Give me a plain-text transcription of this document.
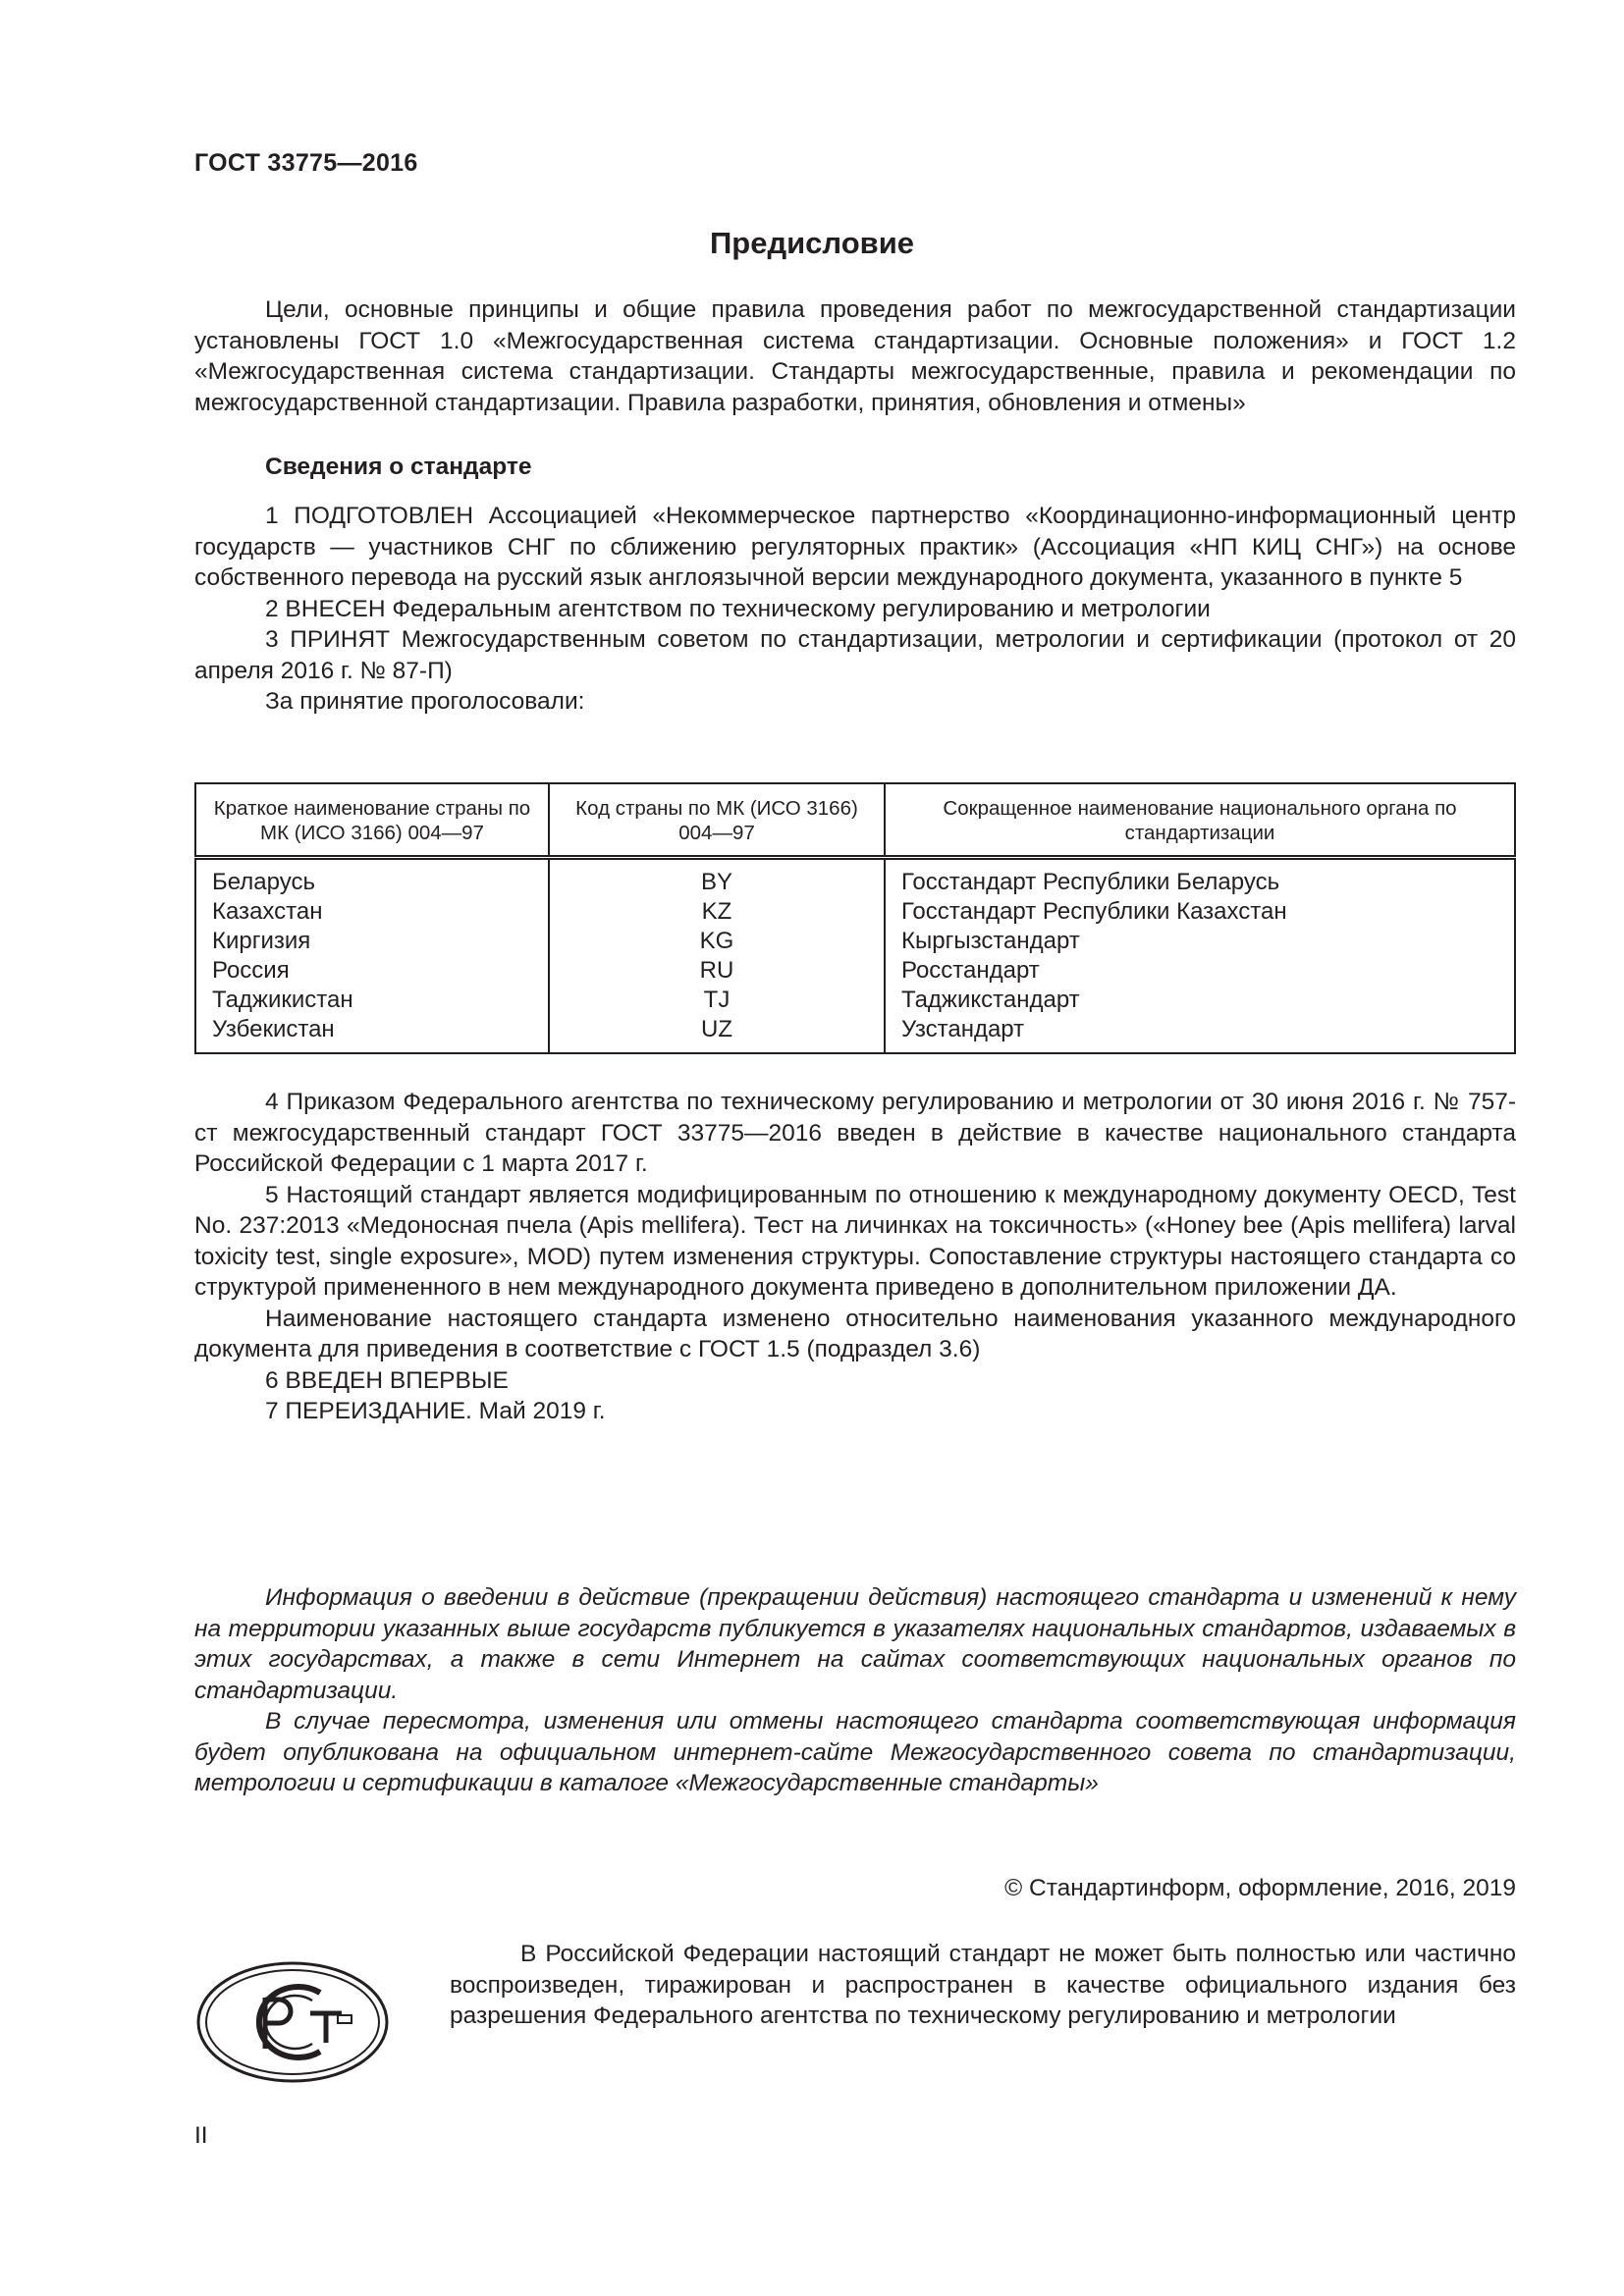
ГОСТ 33775—2016
Предисловие

Цели, основные принципы и общие правила проведения работ по межгосударственной стандартизации установлены ГОСТ 1.0 «Межгосударственная система стандартизации. Основные положения» и ГОСТ 1.2 «Межгосударственная система стандартизации. Стандарты межгосударственные, правила и рекомендации по межгосударственной стандартизации. Правила разработки, принятия, обновления и отмены»

Сведения о стандарте

1 ПОДГОТОВЛЕН Ассоциацией «Некоммерческое партнерство «Координационно-информационный центр государств — участников СНГ по сближению регуляторных практик» (Ассоциация «НП КИЦ СНГ») на основе собственного перевода на русский язык англоязычной версии международного документа, указанного в пункте 5

2 ВНЕСЕН Федеральным агентством по техническому регулированию и метрологии

3 ПРИНЯТ Межгосударственным советом по стандартизации, метрологии и сертификации (протокол от 20 апреля 2016 г. № 87-П)

За принятие проголосовали:

Краткое наименование страны по МК (ИСО 3166) 004—97	Код страны по МК (ИСО 3166) 004—97	Сокращенное наименование национального органа по стандартизации
Беларусь	BY	Госстандарт Республики Беларусь
Казахстан	KZ	Госстандарт Республики Казахстан
Киргизия	KG	Кыргызстандарт
Россия	RU	Росстандарт
Таджикистан	TJ	Таджикстандарт
Узбекистан	UZ	Узстандарт

4 Приказом Федерального агентства по техническому регулированию и метрологии от 30 июня 2016 г. № 757-ст межгосударственный стандарт ГОСТ 33775—2016 введен в действие в качестве национального стандарта Российской Федерации с 1 марта 2017 г.

5 Настоящий стандарт является модифицированным по отношению к международному документу OECD, Test No. 237:2013 «Медоносная пчела (Apis mellifera). Тест на личинках на токсичность» («Honey bee (Apis mellifera) larval toxicity test, single exposure», MOD) путем изменения структуры. Сопоставление структуры настоящего стандарта со структурой примененного в нем международного документа приведено в дополнительном приложении ДА.

Наименование настоящего стандарта изменено относительно наименования указанного международного документа для приведения в соответствие с ГОСТ 1.5 (подраздел 3.6)

6 ВВЕДЕН ВПЕРВЫЕ

7 ПЕРЕИЗДАНИЕ. Май 2019 г.

Информация о введении в действие (прекращении действия) настоящего стандарта и изменений к нему на территории указанных выше государств публикуется в указателях национальных стандартов, издаваемых в этих государствах, а также в сети Интернет на сайтах соответствующих национальных органов по стандартизации.

В случае пересмотра, изменения или отмены настоящего стандарта соответствующая информация будет опубликована на официальном интернет-сайте Межгосударственного совета по стандартизации, метрологии и сертификации в каталоге «Межгосударственные стандарты»

© Стандартинформ, оформление, 2016, 2019

В Российской Федерации настоящий стандарт не может быть полностью или частично воспроизведен, тиражирован и распространен в качестве официального издания без разрешения Федерального агентства по техническому регулированию и метрологии

II
